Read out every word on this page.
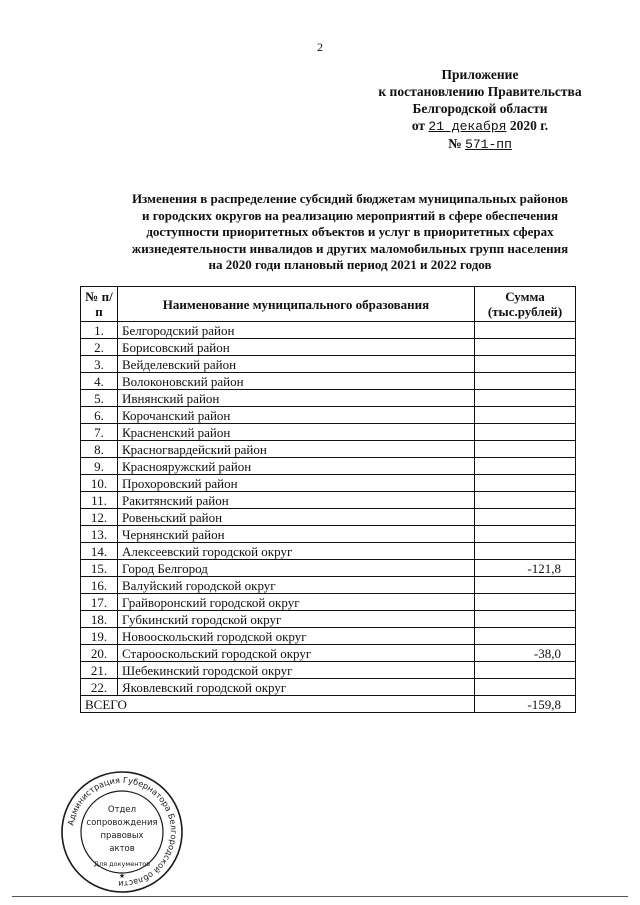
2
Приложение
к постановлению Правительства
Белгородской области
от 21 декабря 2020 г.
№ 571-пп
Изменения в распределение субсидий бюджетам муниципальных районов
и городских округов на реализацию мероприятий в сфере обеспечения
доступности приоритетных объектов и услуг в приоритетных сферах
жизнедеятельности инвалидов и других маломобильных групп населения
на 2020 годи плановый период 2021 и 2022 годов
№ п/п	Наименование муниципального образования	Сумма (тыс.рублей)
1.	Белгородский район	
2.	Борисовский район	
3.	Вейделевский район	
4.	Волоконовский район	
5.	Ивнянский район	
6.	Корочанский район	
7.	Красненский район	
8.	Красногвардейский район	
9.	Краснояружский район	
10.	Прохоровский район	
11.	Ракитянский район	
12.	Ровеньский район	
13.	Чернянский район	
14.	Алексеевский городской округ	
15.	Город Белгород	-121,8
16.	Валуйский городской округ	
17.	Грайворонский городской округ	
18.	Губкинский городской округ	
19.	Новооскольский городской округ	
20.	Старооскольский городской округ	-38,0
21.	Шебекинский городской округ	
22.	Яковлевский городской округ	
ВСЕГО		-159,8
Администрация Губернатора Белгородской области
Отдел
сопровождения
правовых
актов
Для документов
★
